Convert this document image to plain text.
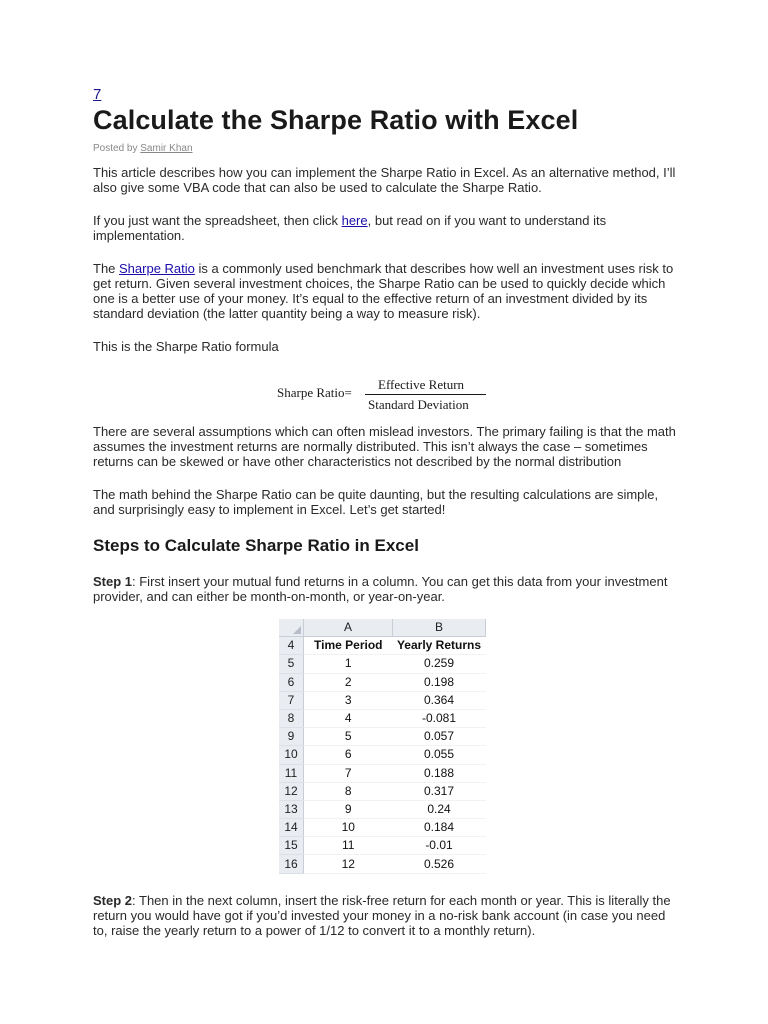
7
Calculate the Sharpe Ratio with Excel
Posted by Samir Khan

This article describes how you can implement the Sharpe Ratio in Excel. As an alternative method, I’ll also give some VBA code that can also be used to calculate the Sharpe Ratio.

If you just want the spreadsheet, then click here, but read on if you want to understand its implementation.

The Sharpe Ratio is a commonly used benchmark that describes how well an investment uses risk to get return. Given several investment choices, the Sharpe Ratio can be used to quickly decide which one is a better use of your money. It’s equal to the effective return of an investment divided by its standard deviation (the latter quantity being a way to measure risk).

This is the Sharpe Ratio formula

Sharpe Ratio=
Effective Return
Standard Deviation

There are several assumptions which can often mislead investors. The primary failing is that the math assumes the investment returns are normally distributed. This isn’t always the case – sometimes returns can be skewed or have other characteristics not described by the normal distribution

The math behind the Sharpe Ratio can be quite daunting, but the resulting calculations are simple, and surprisingly easy to implement in Excel. Let’s get started!

Steps to Calculate Sharpe Ratio in Excel

Step 1: First insert your mutual fund returns in a column. You can get this data from your investment provider, and can either be month-on-month, or year-on-year.

	A	B
4	Time Period	Yearly Returns
5	1	0.259
6	2	0.198
7	3	0.364
8	4	-0.081
9	5	0.057
10	6	0.055
11	7	0.188
12	8	0.317
13	9	0.24
14	10	0.184
15	11	-0.01
16	12	0.526

Step 2: Then in the next column, insert the risk-free return for each month or year. This is literally the return you would have got if you’d invested your money in a no-risk bank account (in case you need to, raise the yearly return to a power of 1/12 to convert it to a monthly return).
